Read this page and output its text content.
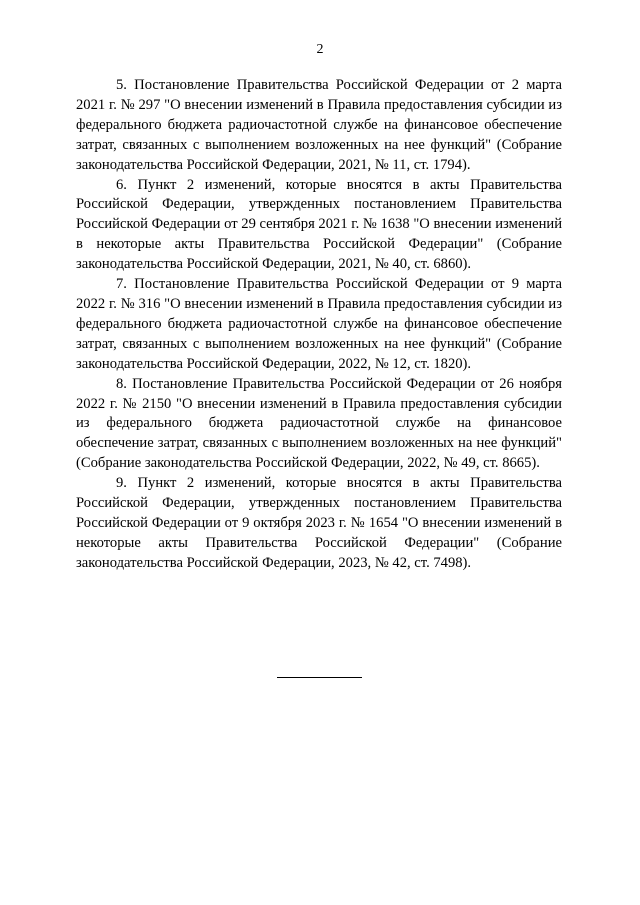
2

5. Постановление Правительства Российской Федерации от 2 марта 2021 г. № 297 "О внесении изменений в Правила предоставления субсидии из федерального бюджета радиочастотной службе на финансовое обеспечение затрат, связанных с выполнением возложенных на нее функций" (Собрание законодательства Российской Федерации, 2021, № 11, ст. 1794).

6. Пункт 2 изменений, которые вносятся в акты Правительства Российской Федерации, утвержденных постановлением Правительства Российской Федерации от 29 сентября 2021 г. № 1638 "О внесении изменений в некоторые акты Правительства Российской Федерации" (Собрание законодательства Российской Федерации, 2021, № 40, ст. 6860).

7. Постановление Правительства Российской Федерации от 9 марта 2022 г. № 316 "О внесении изменений в Правила предоставления субсидии из федерального бюджета радиочастотной службе на финансовое обеспечение затрат, связанных с выполнением возложенных на нее функций" (Собрание законодательства Российской Федерации, 2022, № 12, ст. 1820).

8. Постановление Правительства Российской Федерации от 26 ноября 2022 г. № 2150 "О внесении изменений в Правила предоставления субсидии из федерального бюджета радиочастотной службе на финансовое обеспечение затрат, связанных с выполнением возложенных на нее функций" (Собрание законодательства Российской Федерации, 2022, № 49, ст. 8665).

9. Пункт 2 изменений, которые вносятся в акты Правительства Российской Федерации, утвержденных постановлением Правительства Российской Федерации от 9 октября 2023 г. № 1654 "О внесении изменений в некоторые акты Правительства Российской Федерации" (Собрание законодательства Российской Федерации, 2023, № 42, ст. 7498).
